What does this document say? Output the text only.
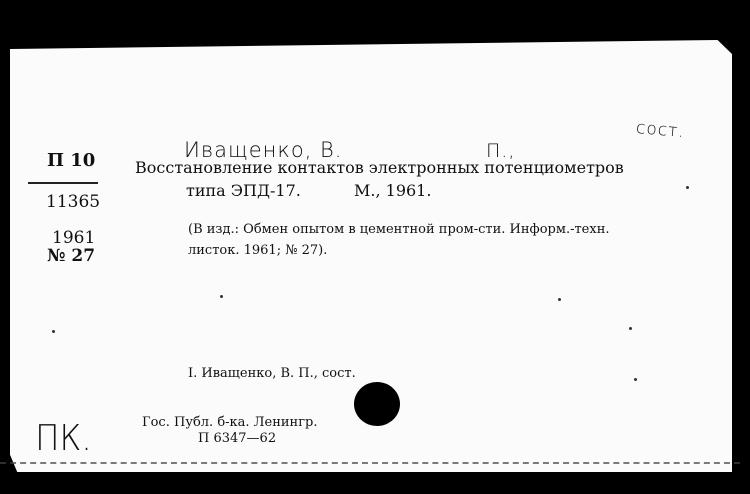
Иващенко, В.	П.,
сост.
П 10
11365
1961
№ 27
Восстановление контактов электронных потенциометров
типа ЭПД-17.	М., 1961.
(В изд.: Обмен опытом в цементной пром-сти. Информ.-техн.
листок. 1961; № 27).
I. Иващенко, В. П., сост.
Гос. Публ. б-ка. Ленингр.
П 6347—62
ПК.
